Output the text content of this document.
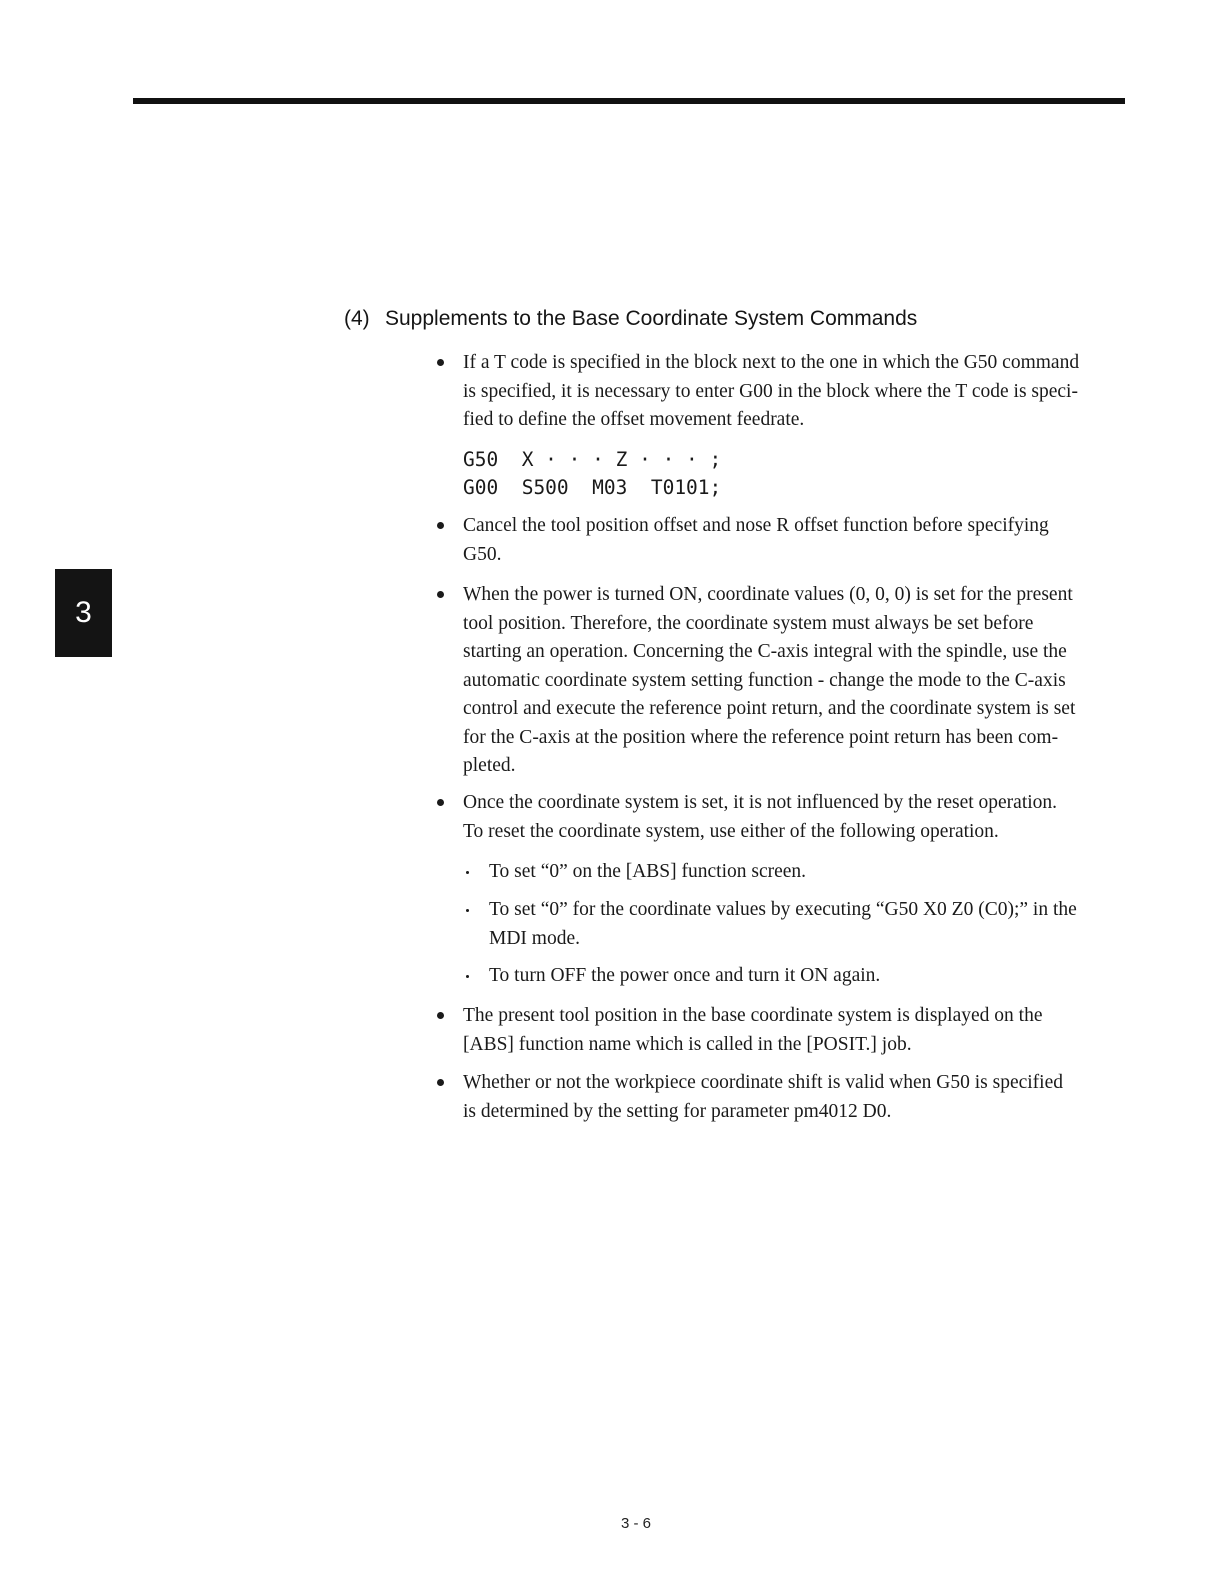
3
(4) Supplements to the Base Coordinate System Commands

If a T code is specified in the block next to the one in which the G50 command
is specified, it is necessary to enter G00 in the block where the T code is speci-
fied to define the offset movement feedrate.

G50  X · · · Z · · · ;
G00  S500  M03  T0101;

Cancel the tool position offset and nose R offset function before specifying
G50.

When the power is turned ON, coordinate values (0, 0, 0) is set for the present
tool position. Therefore, the coordinate system must always be set before
starting an operation. Concerning the C-axis integral with the spindle, use the
automatic coordinate system setting function - change the mode to the C-axis
control and execute the reference point return, and the coordinate system is set
for the C-axis at the position where the reference point return has been com-
pleted.

Once the coordinate system is set, it is not influenced by the reset operation.
To reset the coordinate system, use either of the following operation.

To set “0” on the [ABS] function screen.

To set “0” for the coordinate values by executing “G50 X0 Z0 (C0);” in the
MDI mode.

To turn OFF the power once and turn it ON again.

The present tool position in the base coordinate system is displayed on the
[ABS] function name which is called in the [POSIT.] job.

Whether or not the workpiece coordinate shift is valid when G50 is specified
is determined by the setting for parameter pm4012 D0.

3 - 6
